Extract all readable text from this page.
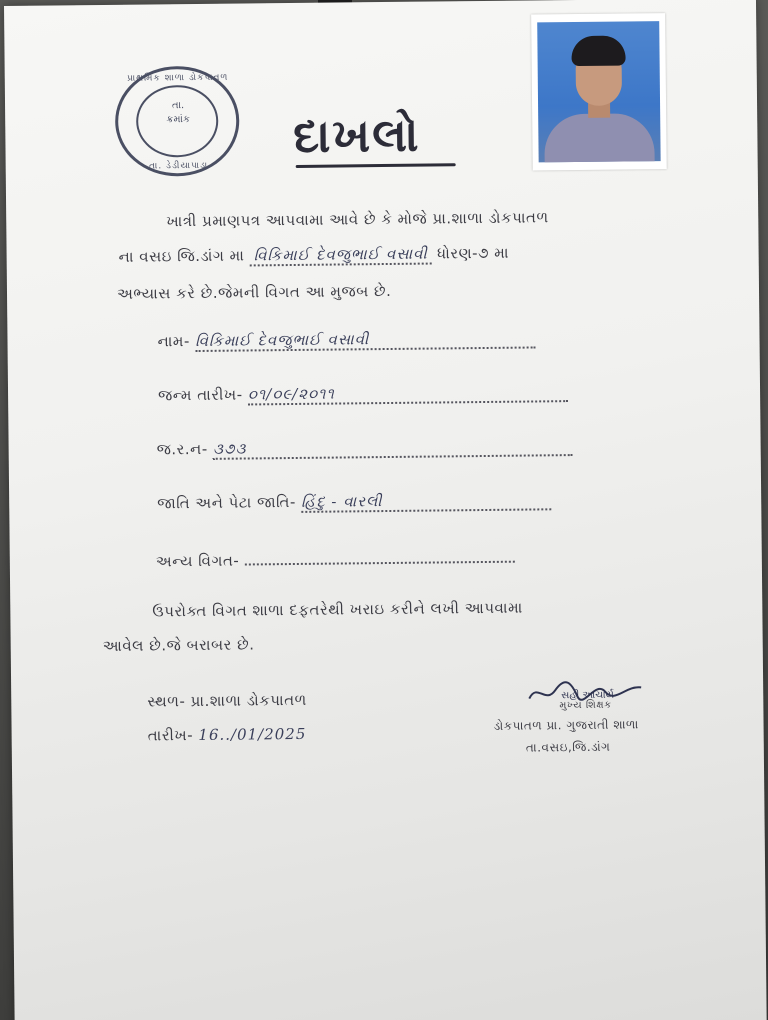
પ્રાથમિક શાળા ડોકપાતળ
તા.
ક્રમાંક
તા. ડેડીયાપાડા
દાખલો
ખાત્રી પ્રમાણપત્ર આપવામા આવે છે કે મોજે પ્રા.શાળા ડોકપાતળ
ના વસઇ જિ.ડાંગ મા વિકિમાઈ દેવજુભાઈ વસાવી ધોરણ-૭ મા
અભ્યાસ કરે છે.જેમની વિગત આ મુજબ છે.
નામ- વિકિમાઈ દેવજુભાઈ વસાવી
જન્મ તારીખ- ૦૧/૦૯/૨૦૧૧
જ.ર.ન- ૩૭૩
જાતિ અને પેટા જાતિ- હિંદુ - વારલી
અન્ય વિગત-
ઉપરોક્ત વિગત શાળા દફતરેથી ખરાઇ કરીને લખી આપવામા
આવેલ છે.જે બરાબર છે.
સ્થળ- પ્રા.શાળા ડોકપાતળ
તારીખ- 16../01/2025
સહી આચાર્ય
મુખ્ય શિક્ષક
ડોકપાતળ પ્રા. ગુજરાતી શાળા
તા.વસઇ,જિ.ડાંગ
